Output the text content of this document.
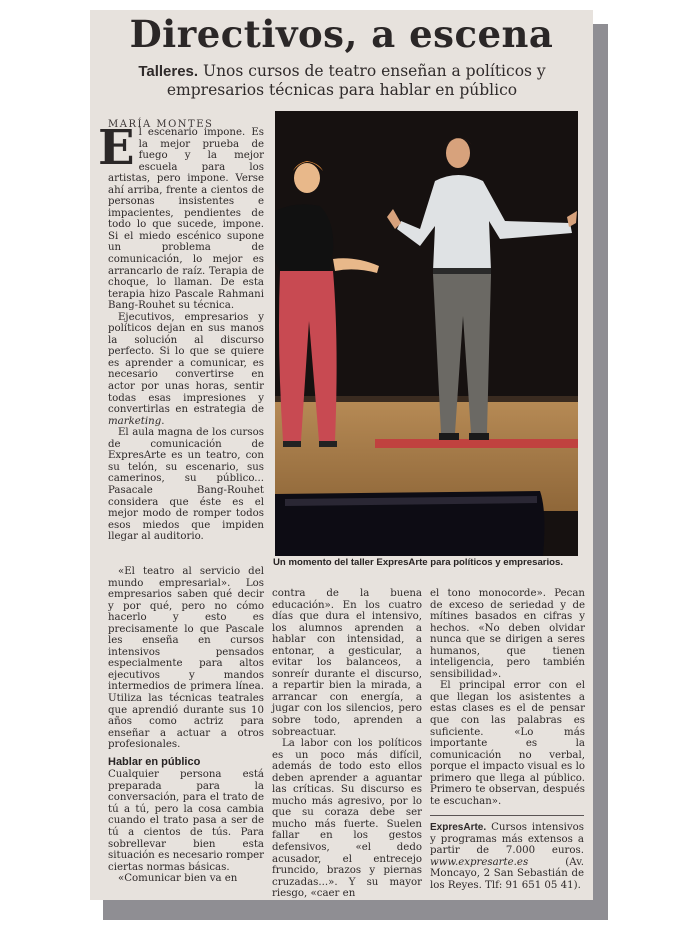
Directivos, a escena
Talleres. Unos cursos de teatro enseñan a políticos y empresarios técnicas para hablar en público
MARÍA MONTES

El escenario impone. Es la mejor prueba de fuego y la mejor escuela para los artistas, pero impone. Verse ahí arriba, frente a cientos de personas insistentes e impacientes, pendientes de todo lo que sucede, impone. Si el miedo escénico supone un problema de comunicación, lo mejor es arrancarlo de raíz. Terapia de choque, lo llaman. De esta terapia hizo Pascale Rahmani Bang-Rouhet su técnica.

Ejecutivos, empresarios y políticos dejan en sus manos la solución al discurso perfecto. Si lo que se quiere es aprender a comunicar, es necesario convertirse en actor por unas horas, sentir todas esas impresiones y convertirlas en estrategia de marketing.

El aula magna de los cursos de comunicación de ExpresArte es un teatro, con su telón, su escenario, sus camerinos, su público... Pasacale Bang-Rouhet considera que éste es el mejor modo de romper todos esos miedos que impiden llegar al auditorio.

Un momento del taller ExpresArte para políticos y empresarios.

«El teatro al servicio del mundo empresarial». Los empresarios saben qué decir y por qué, pero no cómo hacerlo y esto es precisamente lo que Pascale les enseña en cursos intensivos pensados especialmente para altos ejecutivos y mandos intermedios de primera línea. Utiliza las técnicas teatrales que aprendió durante sus 10 años como actriz para enseñar a actuar a otros profesionales.

Hablar en público

Cualquier persona está preparada para la conversación, para el trato de tú a tú, pero la cosa cambia cuando el trato pasa a ser de tú a cientos de tús. Para sobrellevar bien esta situación es necesario romper ciertas normas básicas.

«Comunicar bien va en

contra de la buena educación». En los cuatro días que dura el intensivo, los alumnos aprenden a hablar con intensidad, a entonar, a gesticular, a evitar los balanceos, a sonreír durante el discurso, a repartir bien la mirada, a arrancar con energía, a jugar con los silencios, pero sobre todo, aprenden a sobreactuar.

La labor con los políticos es un poco más difícil, además de todo esto ellos deben aprender a aguantar las críticas. Su discurso es mucho más agresivo, por lo que su coraza debe ser mucho más fuerte. Suelen fallar en los gestos defensivos, «el dedo acusador, el entrecejo fruncido, brazos y piernas cruzadas...». Y su mayor riesgo, «caer en

el tono monocorde». Pecan de exceso de seriedad y de mítines basados en cifras y hechos. «No deben olvidar nunca que se dirigen a seres humanos, que tienen inteligencia, pero también sensibilidad».

El principal error con el que llegan los asistentes a estas clases es el de pensar que con las palabras es suficiente. «Lo más importante es la comunicación no verbal, porque el impacto visual es lo primero que llega al público. Primero te observan, después te escuchan».

ExpresArte. Cursos intensivos y programas más extensos a partir de 7.000 euros. www.expresarte.es	(Av. Moncayo, 2 San Sebastián de los Reyes. Tlf: 91 651 05 41).
